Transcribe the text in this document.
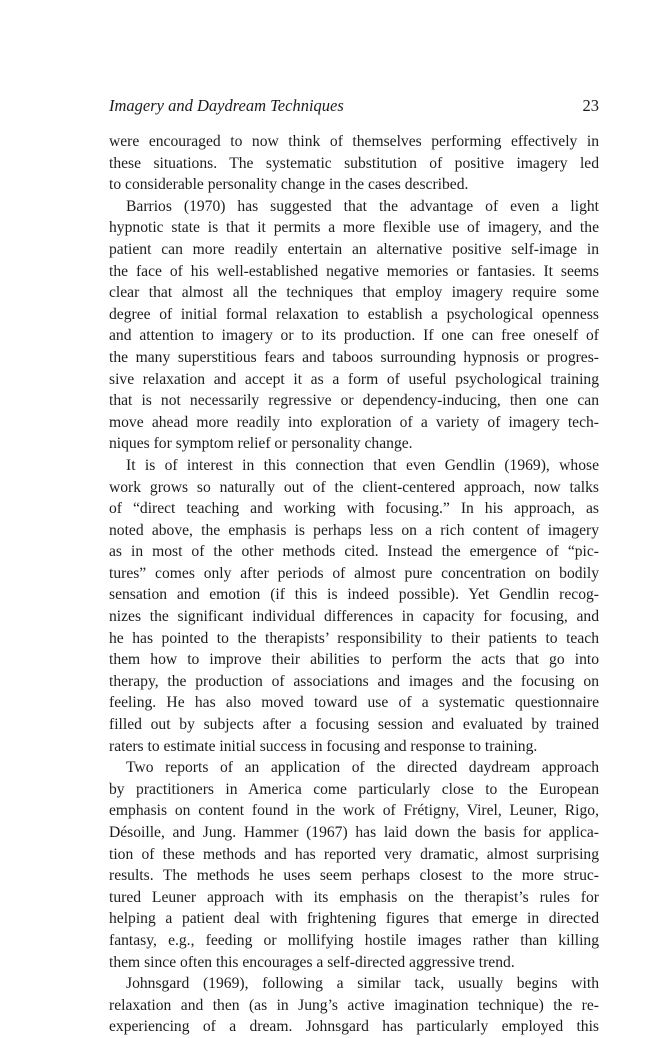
Imagery and Daydream Techniques	23
were encouraged to now think of themselves performing effectively in
these situations. The systematic substitution of positive imagery led
to considerable personality change in the cases described.
Barrios (1970) has suggested that the advantage of even a light
hypnotic state is that it permits a more flexible use of imagery, and the
patient can more readily entertain an alternative positive self-image in
the face of his well-established negative memories or fantasies. It seems
clear that almost all the techniques that employ imagery require some
degree of initial formal relaxation to establish a psychological openness
and attention to imagery or to its production. If one can free oneself of
the many superstitious fears and taboos surrounding hypnosis or progres-
sive relaxation and accept it as a form of useful psychological training
that is not necessarily regressive or dependency-inducing, then one can
move ahead more readily into exploration of a variety of imagery tech-
niques for symptom relief or personality change.
It is of interest in this connection that even Gendlin (1969), whose
work grows so naturally out of the client-centered approach, now talks
of “direct teaching and working with focusing.” In his approach, as
noted above, the emphasis is perhaps less on a rich content of imagery
as in most of the other methods cited. Instead the emergence of “pic-
tures” comes only after periods of almost pure concentration on bodily
sensation and emotion (if this is indeed possible). Yet Gendlin recog-
nizes the significant individual differences in capacity for focusing, and
he has pointed to the therapists’ responsibility to their patients to teach
them how to improve their abilities to perform the acts that go into
therapy, the production of associations and images and the focusing on
feeling. He has also moved toward use of a systematic questionnaire
filled out by subjects after a focusing session and evaluated by trained
raters to estimate initial success in focusing and response to training.
Two reports of an application of the directed daydream approach
by practitioners in America come particularly close to the European
emphasis on content found in the work of Frétigny, Virel, Leuner, Rigo,
Désoille, and Jung. Hammer (1967) has laid down the basis for applica-
tion of these methods and has reported very dramatic, almost surprising
results. The methods he uses seem perhaps closest to the more struc-
tured Leuner approach with its emphasis on the therapist’s rules for
helping a patient deal with frightening figures that emerge in directed
fantasy, e.g., feeding or mollifying hostile images rather than killing
them since often this encourages a self-directed aggressive trend.
Johnsgard (1969), following a similar tack, usually begins with
relaxation and then (as in Jung’s active imagination technique) the re-
experiencing of a dream. Johnsgard has particularly employed this
